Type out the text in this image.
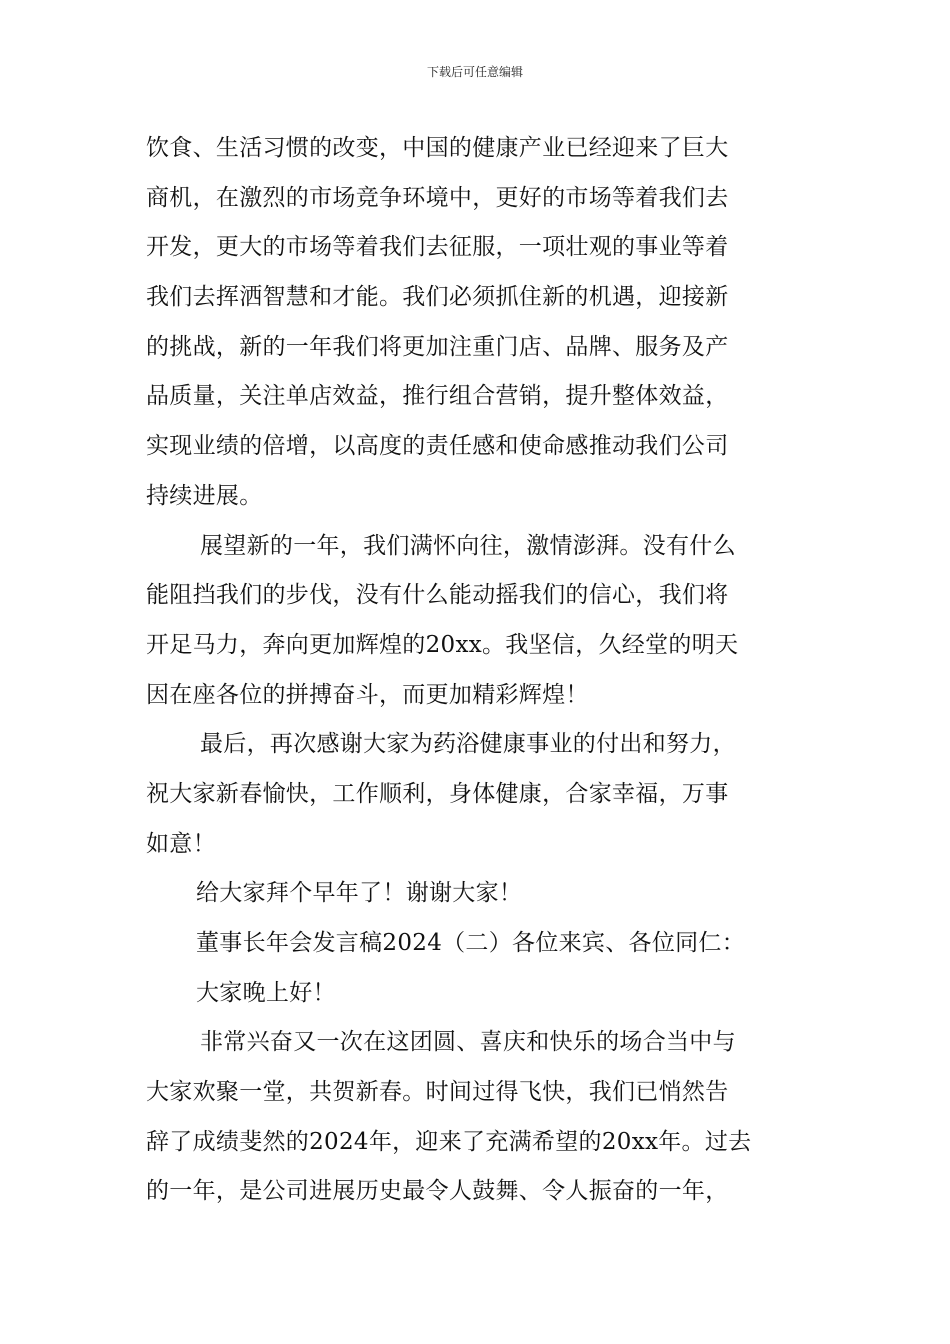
下载后可任意编辑
饮食、生活习惯的改变，中国的健康产业已经迎来了巨大
商机，在激烈的市场竞争环境中，更好的市场等着我们去
开发，更大的市场等着我们去征服，一项壮观的事业等着
我们去挥洒智慧和才能。我们必须抓住新的机遇，迎接新
的挑战，新的一年我们将更加注重门店、品牌、服务及产
品质量，关注单店效益，推行组合营销，提升整体效益，
实现业绩的倍增，以高度的责任感和使命感推动我们公司
持续进展。
展望新的一年，我们满怀向往，激情澎湃。没有什么
能阻挡我们的步伐，没有什么能动摇我们的信心，我们将
开足马力，奔向更加辉煌的20xx。我坚信，久经堂的明天
因在座各位的拼搏奋斗，而更加精彩辉煌！
最后，再次感谢大家为药浴健康事业的付出和努力，
祝大家新春愉快，工作顺利，身体健康，合家幸福，万事
如意！
给大家拜个早年了！谢谢大家！
董事长年会发言稿2024（二）各位来宾、各位同仁：
大家晚上好！
非常兴奋又一次在这团圆、喜庆和快乐的场合当中与
大家欢聚一堂，共贺新春。时间过得飞快，我们已悄然告
辞了成绩斐然的2024年，迎来了充满希望的20xx年。过去
的一年，是公司进展历史最令人鼓舞、令人振奋的一年，
